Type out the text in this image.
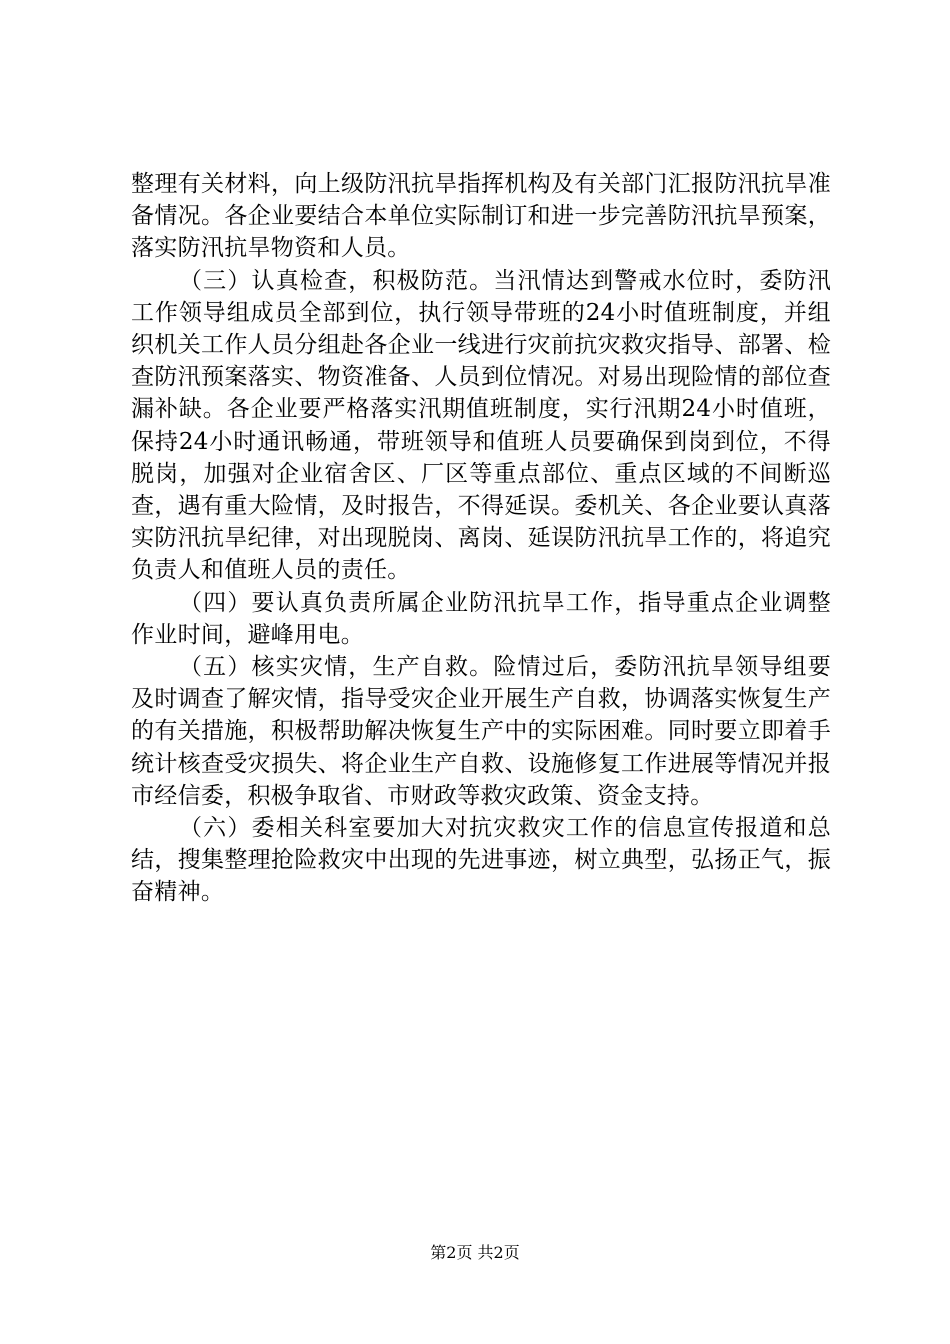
整理有关材料，向上级防汛抗旱指挥机构及有关部门汇报防汛抗旱准备情况。各企业要结合本单位实际制订和进一步完善防汛抗旱预案，落实防汛抗旱物资和人员。

（三）认真检查，积极防范。当汛情达到警戒水位时，委防汛工作领导组成员全部到位，执行领导带班的24小时值班制度，并组织机关工作人员分组赴各企业一线进行灾前抗灾救灾指导、部署、检查防汛预案落实、物资准备、人员到位情况。对易出现险情的部位查漏补缺。各企业要严格落实汛期值班制度，实行汛期24小时值班，保持24小时通讯畅通，带班领导和值班人员要确保到岗到位，不得脱岗，加强对企业宿舍区、厂区等重点部位、重点区域的不间断巡查，遇有重大险情，及时报告，不得延误。委机关、各企业要认真落实防汛抗旱纪律，对出现脱岗、离岗、延误防汛抗旱工作的，将追究负责人和值班人员的责任。

（四）要认真负责所属企业防汛抗旱工作，指导重点企业调整作业时间，避峰用电。

（五）核实灾情，生产自救。险情过后，委防汛抗旱领导组要及时调查了解灾情，指导受灾企业开展生产自救，协调落实恢复生产的有关措施，积极帮助解决恢复生产中的实际困难。同时要立即着手统计核查受灾损失、将企业生产自救、设施修复工作进展等情况并报市经信委，积极争取省、市财政等救灾政策、资金支持。

（六）委相关科室要加大对抗灾救灾工作的信息宣传报道和总结，搜集整理抢险救灾中出现的先进事迹，树立典型，弘扬正气，振奋精神。

第2页 共2页
